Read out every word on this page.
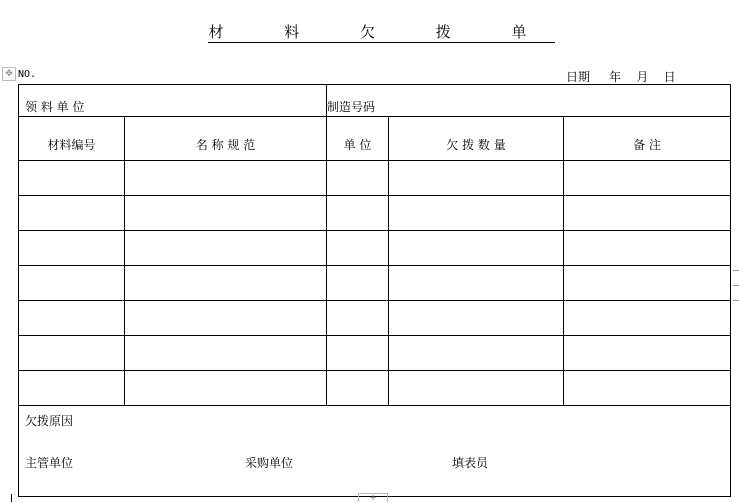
材 料 欠 拨 单
✥ NO.	日期     年    月    日
领 料 单 位		制造号码		

材料编号	名 称 规 范	单 位	欠 拨 数 量	备 注

欠拨原因
主管单位 采购单位 填表员				
+
